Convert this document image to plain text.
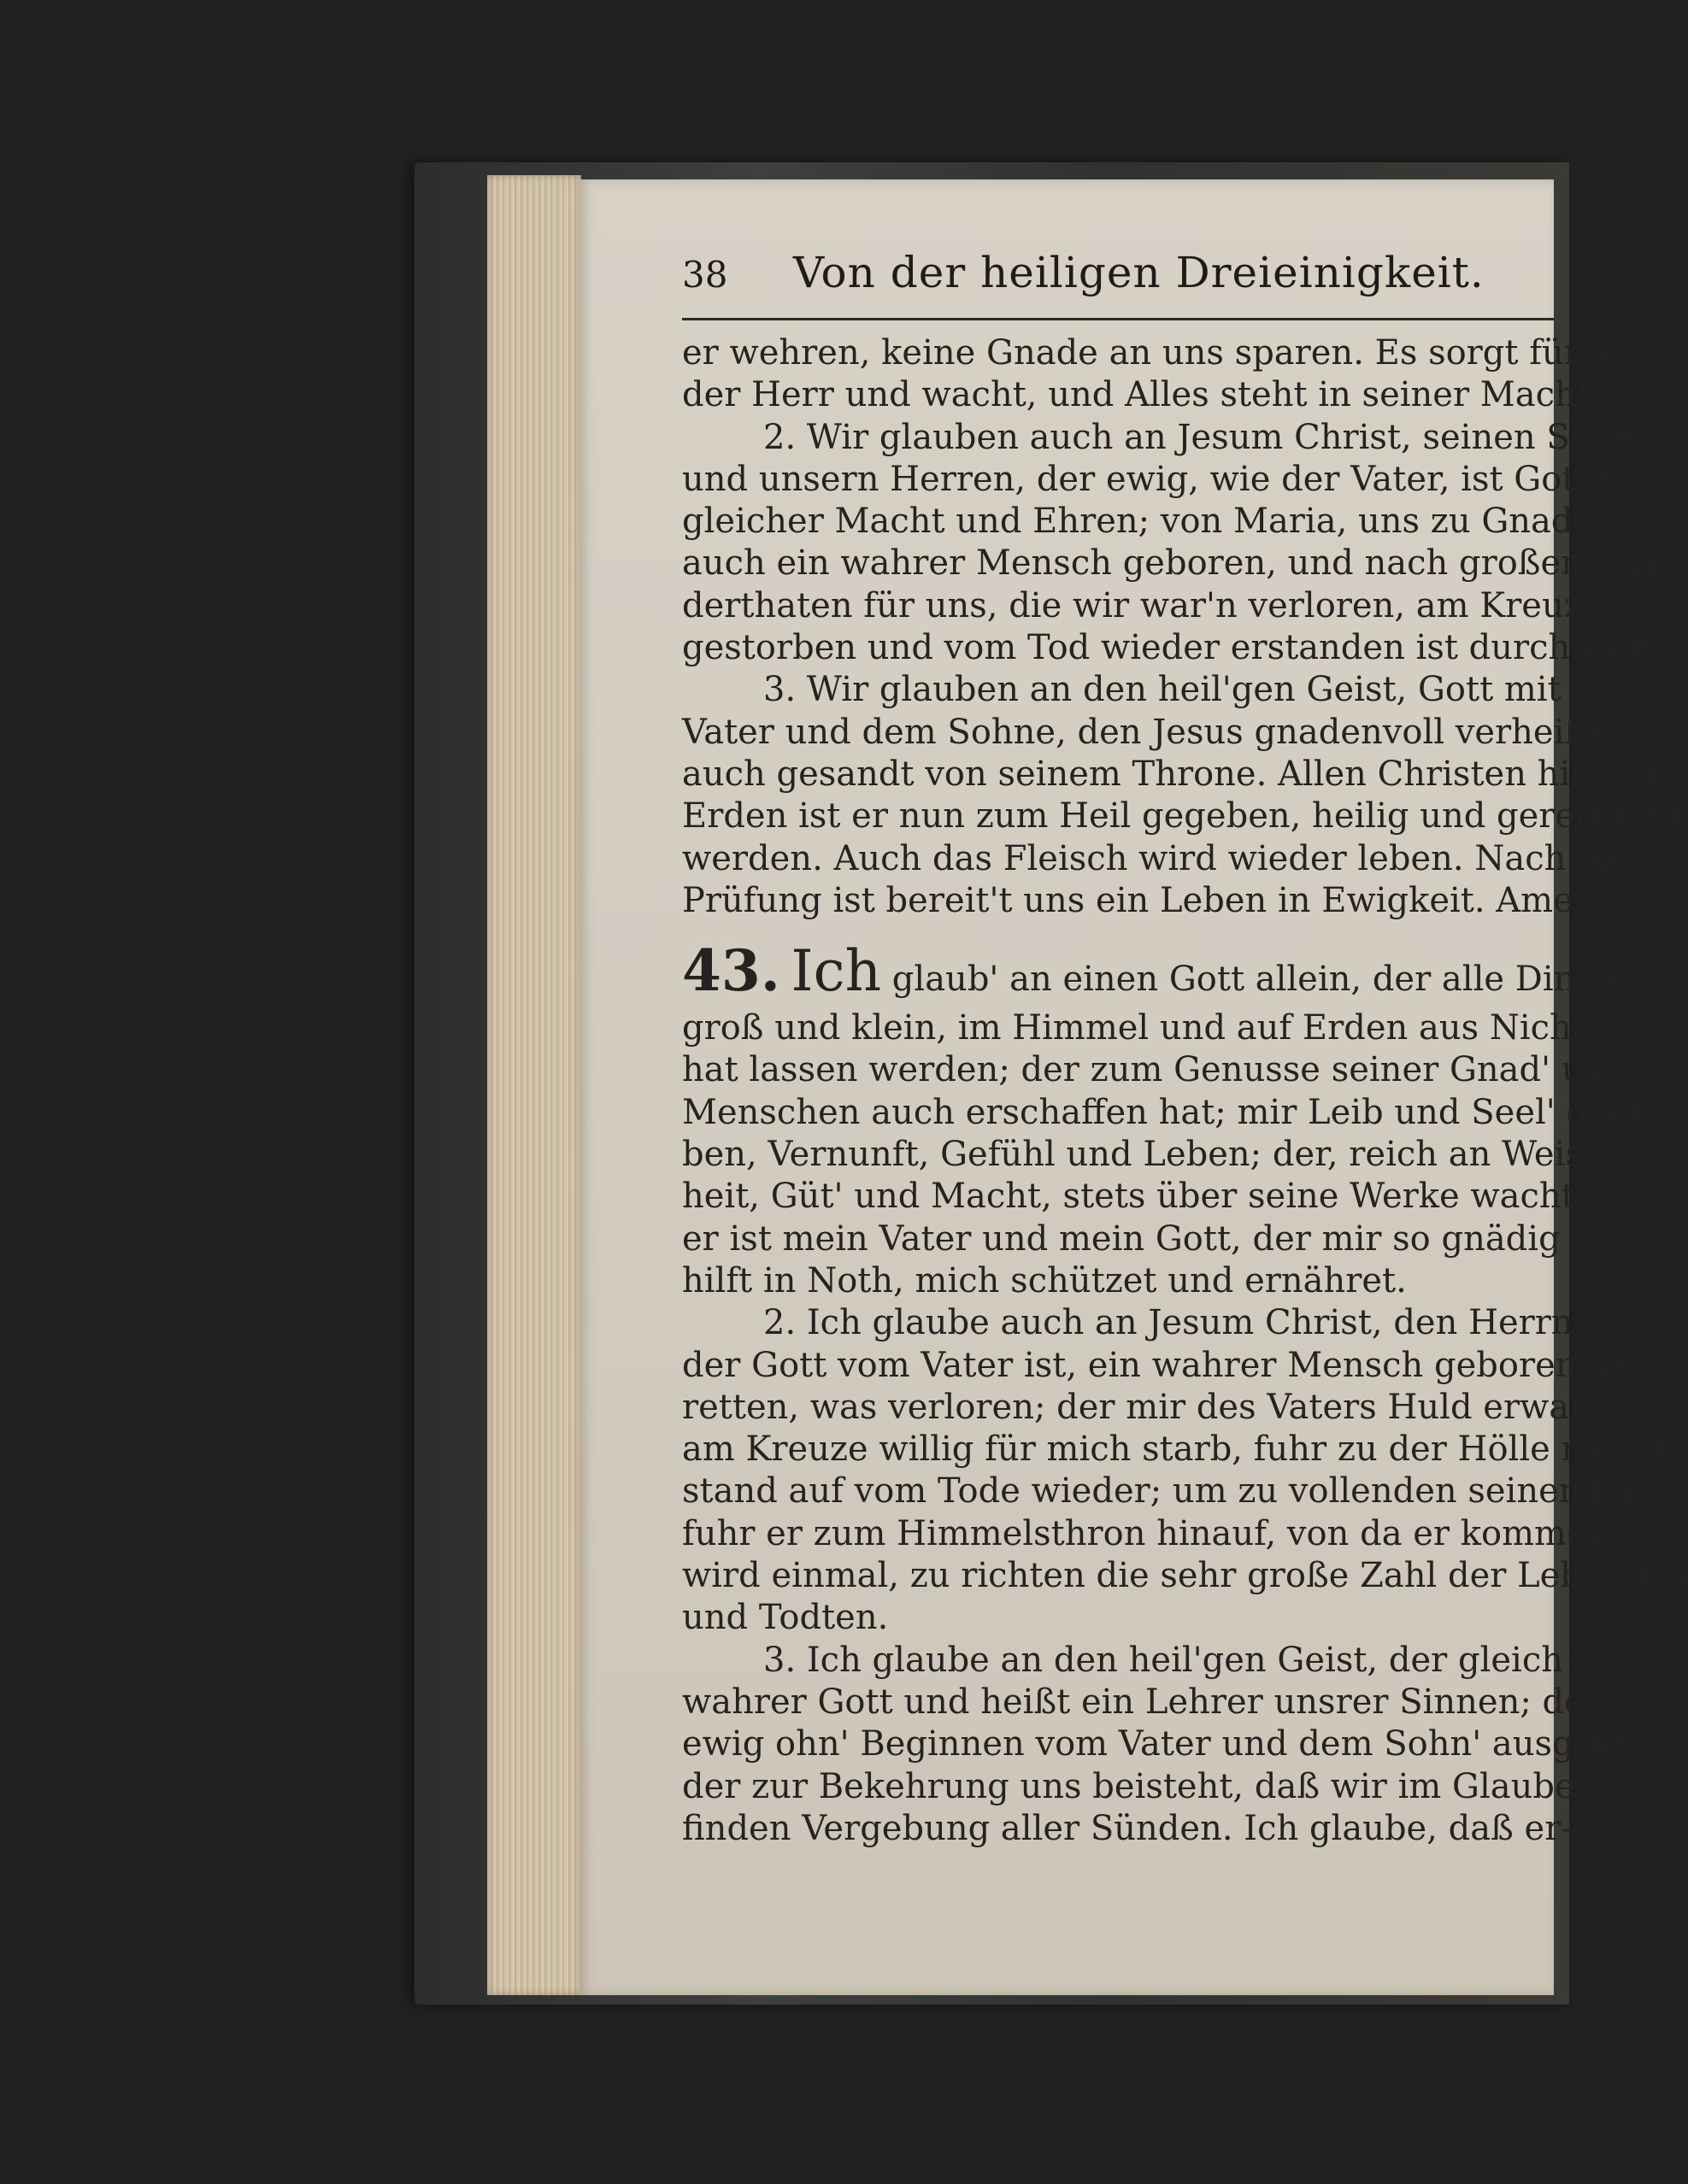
38	Von der heiligen Dreieinigkeit.
er wehren, keine Gnade an uns sparen. Es sorgt für uns
der Herr und wacht, und Alles steht in seiner Macht.
2. Wir glauben auch an Jesum Christ, seinen Sohn
und unsern Herren, der ewig, wie der Vater, ist Gott von
gleicher Macht und Ehren; von Maria, uns zu Gnaden,
auch ein wahrer Mensch geboren, und nach großen Wun-
derthaten für uns, die wir war'n verloren, am Kreuz
gestorben und vom Tod wieder erstanden ist durch Gott.
3. Wir glauben an den heil'gen Geist, Gott mit
Vater und dem Sohne, den Jesus gnadenvoll verheißt,
auch gesandt von seinem Throne. Allen Christen hier auf
Erden ist er nun zum Heil gegeben, heilig und gerecht zu
werden. Auch das Fleisch wird wieder leben. Nach dieser
Prüfung ist bereit't uns ein Leben in Ewigkeit. Amen!
43. Ich glaub' an einen Gott allein, der alle Dinge,
groß und klein, im Himmel und auf Erden aus Nichts
hat lassen werden; der zum Genusse seiner Gnad' uns
Menschen auch erschaffen hat; mir Leib und Seel' gege-
ben, Vernunft, Gefühl und Leben; der, reich an Weis-
heit, Güt' und Macht, stets über seine Werke wacht;
er ist mein Vater und mein Gott, der mir so gnädig
hilft in Noth, mich schützet und ernähret.
2. Ich glaube auch an Jesum Christ, den Herrn,
der Gott vom Vater ist, ein wahrer Mensch geboren, zu
retten, was verloren; der mir des Vaters Huld erwarb,
am Kreuze willig für mich starb, fuhr zu der Hölle nieder,
stand auf vom Tode wieder; um zu vollenden seinen Lauf,
fuhr er zum Himmelsthron hinauf, von da er kommen
wird einmal, zu richten die sehr große Zahl der Lebenden
und Todten.
3. Ich glaube an den heil'gen Geist, der gleich ist
wahrer Gott und heißt ein Lehrer unsrer Sinnen; der
ewig ohn' Beginnen vom Vater und dem Sohn' ausgeht;
der zur Bekehrung uns beisteht, daß wir im Glauben
finden Vergebung aller Sünden. Ich glaube, daß er-
